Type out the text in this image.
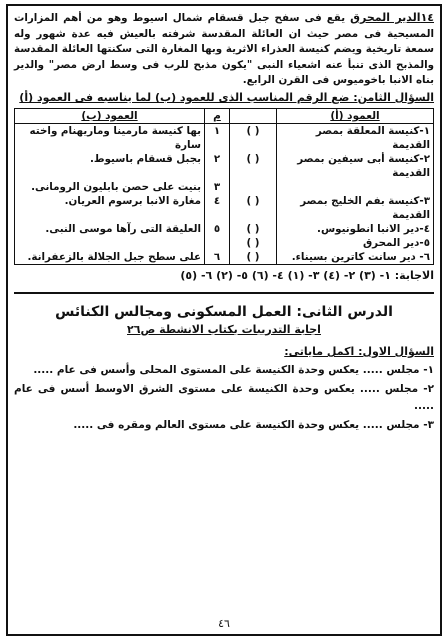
١٤الدير المحرق يقع فى سفح جبل قسقام شمال اسيوط وهو من أهم المزارات المسيحية فى مصر حيث ان العائلة المقدسة شرفته بالعيش فيه عدة شهور وله سمعة تاريخية ويضم كنيسة العذراء الاثرية وبها المغارة التى سكنتها العائلة المقدسة والمذبح الذى تنبأ عنه اشعياء النبى "يكون مذبح للرب فى وسط ارض مصر" والدير بناه الانبا باخوميوس فى القرن الرابع.

السؤال الثامن: ضع الرقم المناسب الذى للعمود (ب) لما يناسبه فى العمود (أ)

العمود (أ)		م	العمود (ب)
١-كنيسة المعلقة بمصر القديمة	( )	١	بها كنيسة مارمينا وماريهنام واخته سارة
٢-كنيسة أبى سيفين بمصر القديمة	( )	٢	بجبل قسقام باسيوط.
		٣	بنيت على حصن بابليون الرومانى.
٣-كنيسة بفم الخليج بمصر القديمة	( )	٤	مغارة الانبا برسوم العريان.
٤-دير الانبا انطونيوس.	( )	٥	العليقة التى رآها موسى النبى.
٥-دير المحرق	( )		
٦- دير سانت كاترين بسيناء.	( )	٦	على سطح جبل الجلالة بالزعفرانة.

الاجابة: ١- (٣) ٢- (٤) ٣- (١) ٤- (٦) ٥- (٢) ٦- (٥)

الدرس الثانى: العمل المسكونى ومجالس الكنائس

اجابة التدريبات بكتاب الانشطة ص٢٦

السؤال الاول: اكمل ماياتى:

١- مجلس ..... يعكس وحدة الكنيسة على المستوى المحلى وأسس فى عام .....

٢- مجلس ..... يعكس وحدة الكنيسة على مستوى الشرق الاوسط أسس فى عام .....

٣- مجلس ..... يعكس وحدة الكنيسة على مستوى العالم ومقره فى .....

٤٦
